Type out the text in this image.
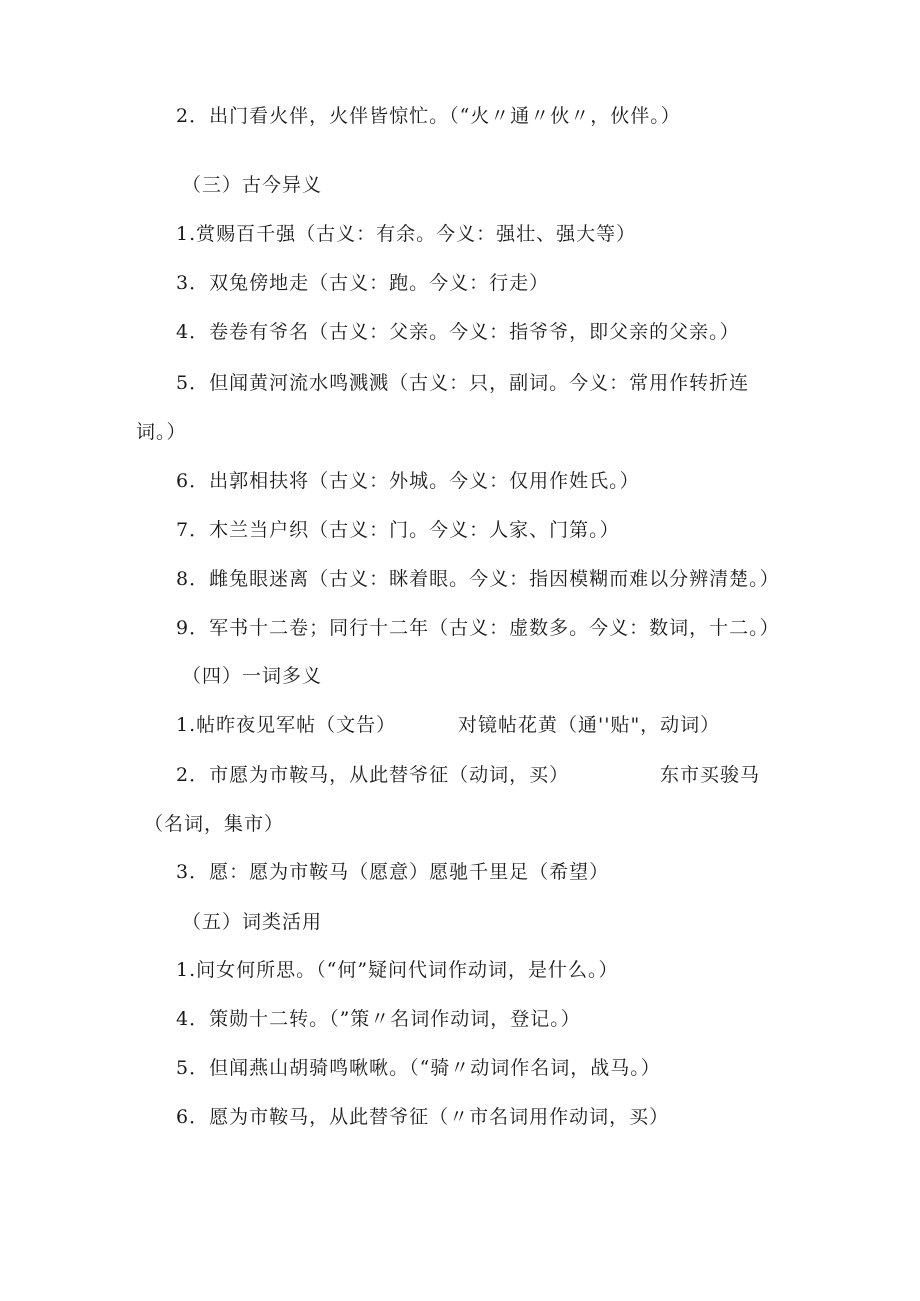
2．出门看火伴，火伴皆惊忙。（“火〃通〃伙〃，伙伴。）
（三）古今异义
1.赏赐百千强（古义：有余。今义：强壮、强大等）
3．双兔傍地走（古义：跑。今义：行走）
4．卷卷有爷名（古义：父亲。今义：指爷爷，即父亲的父亲。）
5．但闻黄河流水鸣溅溅（古义：只，副词。今义：常用作转折连
词。）
6．出郭相扶将（古义：外城。今义：仅用作姓氏。）
7．木兰当户织（古义：门。今义：人家、门第。）
8．雌兔眼迷离（古义：眯着眼。今义：指因模糊而难以分辨清楚。）
9．军书十二卷；同行十二年（古义：虚数多。今义：数词，十二。）
（四）一词多义
1.帖昨夜见军帖（文告）	对镜帖花黄（通''贴"，动词）
2．市愿为市鞍马，从此替爷征（动词，买）	东市买骏马
（名词，集市）
3．愿：愿为市鞍马（愿意）愿驰千里足（希望）
（五）词类活用
1.问女何所思。（“何”疑问代词作动词，是什么。）
4．策勋十二转。（”策〃名词作动词，登记。）
5．但闻燕山胡骑鸣啾啾。（“骑〃动词作名词，战马。）
6．愿为市鞍马，从此替爷征（〃市名词用作动词，买）
